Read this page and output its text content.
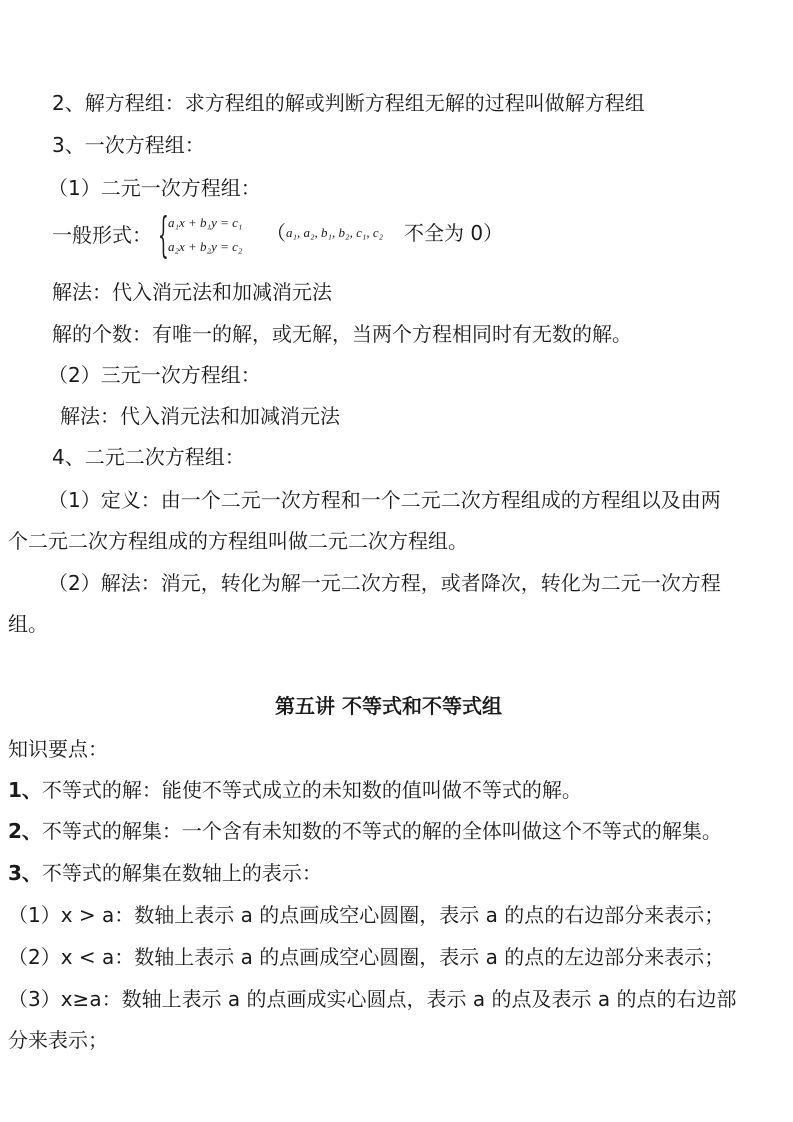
2、解方程组：求方程组的解或判断方程组无解的过程叫做解方程组
3、一次方程组：
（1）二元一次方程组：
一般形式： { a₁x + b₁y = c₁
a₂x + b₂y = c₂
（ a₁, a₂, b₁, b₂, c₁, c₂ 不全为 0）
解法：代入消元法和加减消元法
解的个数：有唯一的解，或无解，当两个方程相同时有无数的解。
（2）三元一次方程组：
解法：代入消元法和加减消元法
4、二元二次方程组：
（1）定义：由一个二元一次方程和一个二元二次方程组成的方程组以及由两
个二元二次方程组成的方程组叫做二元二次方程组。
（2）解法：消元，转化为解一元二次方程，或者降次，转化为二元一次方程
组。
第五讲 不等式和不等式组
知识要点：
1、不等式的解：能使不等式成立的未知数的值叫做不等式的解。
2、不等式的解集：一个含有未知数的不等式的解的全体叫做这个不等式的解集。
3、不等式的解集在数轴上的表示：
（1）x > a：数轴上表示 a 的点画成空心圆圈，表示 a 的点的右边部分来表示；
（2）x < a：数轴上表示 a 的点画成空心圆圈，表示 a 的点的左边部分来表示；
（3）x≥a：数轴上表示 a 的点画成实心圆点，表示 a 的点及表示 a 的点的右边部
分来表示；
